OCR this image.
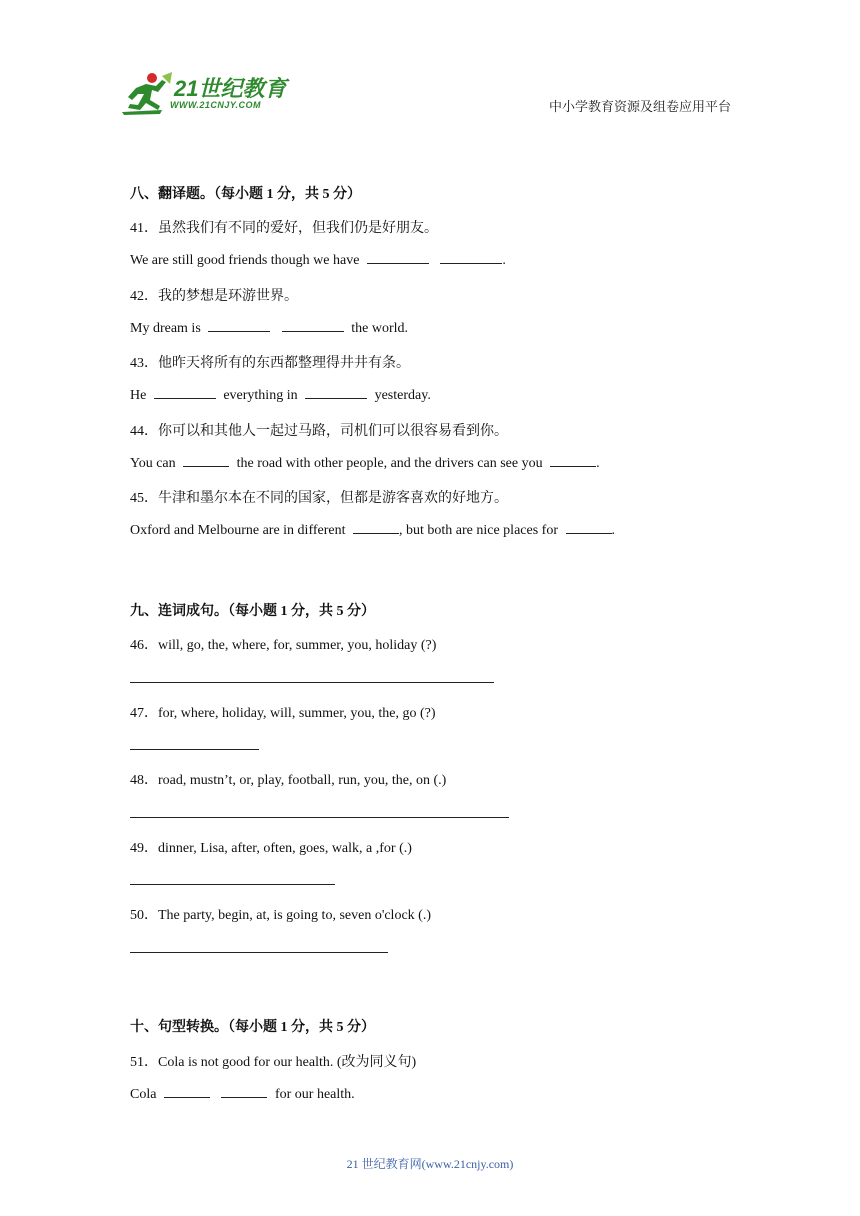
21世纪教育
WWW.21CNJY.COM	中小学教育资源及组卷应用平台
八、翻译题。（每小题 1 分，共 5 分）
41．虽然我们有不同的爱好，但我们仍是好朋友。
We are still good friends though we have	.
42．我的梦想是环游世界。
My dream is	the world.
43．他昨天将所有的东西都整理得井井有条。
He	everything in	yesterday.
44．你可以和其他人一起过马路，司机们可以很容易看到你。
You can	the road with other people, and the drivers can see you	.
45．牛津和墨尔本在不同的国家，但都是游客喜欢的好地方。
Oxford and Melbourne are in different	, but both are nice places for	.
九、连词成句。（每小题 1 分，共 5 分）
46．will, go, the, where, for, summer, you, holiday (?)
47．for, where, holiday, will, summer, you, the, go (?)
48．road, mustn’t, or, play, football, run, you, the, on (.)
49．dinner, Lisa, after, often, goes, walk, a ,for (.)
50．The party, begin, at, is going to, seven o'clock (.)
十、句型转换。（每小题 1 分，共 5 分）
51．Cola is not good for our health. (改为同义句)
Cola	for our health.
21 世纪教育网(www.21cnjy.com)
